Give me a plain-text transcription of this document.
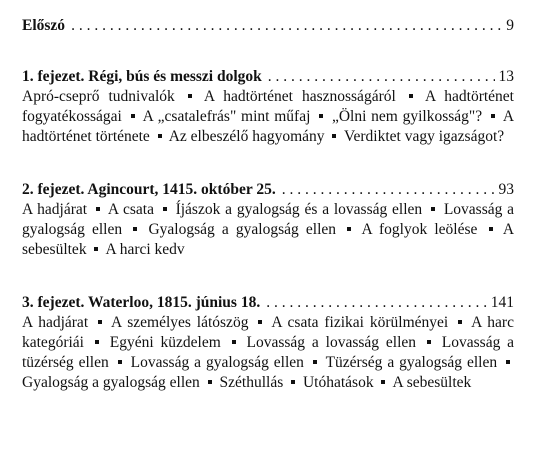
Előszó . . .	9
1. fejezet. Régi, bús és messzi dolgok . . .	13

Apró-cseprő tudnivalók A hadtörténet hasznosságáról A hadtörténet fogyatékosságai A „csatalefrás" mint műfaj „Ölni nem gyilkosság"? A hadtörténet története Az elbeszélő hagyomány Verdiktet vagy igazságot?

2. fejezet. Agincourt, 1415. október 25. . . .	93

A hadjárat A csata Íjászok a gyalogság és a lovasság ellen Lovasság a gyalogság ellen Gyalogság a gyalogság ellen A foglyok leölése A sebesültek A harci kedv

3. fejezet. Waterloo, 1815. június 18. . . .	141

A hadjárat A személyes látószög A csata fizikai körülményei A harc kategóriái Egyéni küzdelem Lovasság a lovasság ellen Lovasság a tüzérség ellen Lovasság a gyalogság ellen Tüzérség a gyalogság ellen  Gyalogság a gyalogság ellen Széthullás Utóhatások A sebesültek
